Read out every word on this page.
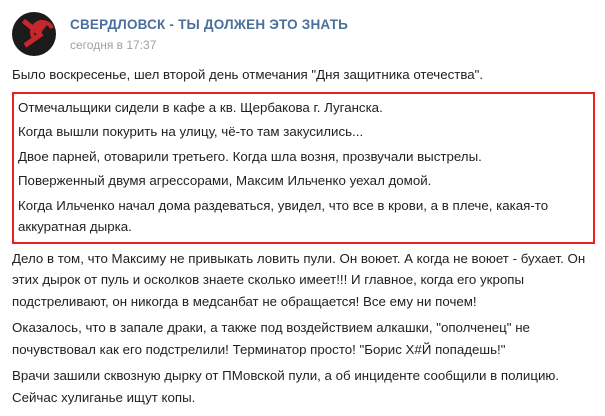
СВЕРДЛОВСК - ТЫ ДОЛЖЕН ЭТО ЗНАТЬ
сегодня в 17:37

Было воскресенье, шел второй день отмечания "Дня защитника отечества".

Отмечальщики сидели в кафе а кв. Щербакова г. Луганска.

Когда вышли покурить на улицу, чё-то там закусились...

Двое парней, отоварили третьего. Когда шла возня, прозвучали выстрелы.

Поверженный двумя агрессорами, Максим Ильченко уехал домой.

Когда Ильченко начал дома раздеваться, увидел, что все в крови, а в плече, какая-то аккуратная дырка.

Дело в том, что Максиму не привыкать ловить пули. Он воюет. А когда не воюет - бухает. Он этих дырок от пуль и осколков знаете сколько имеет!!! И главное, когда его укропы подстреливают, он никогда в медсанбат не обращается! Все ему ни почем!

Оказалось, что в запале драки, а также под воздействием алкашки, "ополченец" не почувствовал как его подстрелили! Терминатор просто! "Борис Х#Й попадешь!"

Врачи зашили сквозную дырку от ПМовской пули, а об инциденте сообщили в полицию. Сейчас хулиганье ищут копы.
